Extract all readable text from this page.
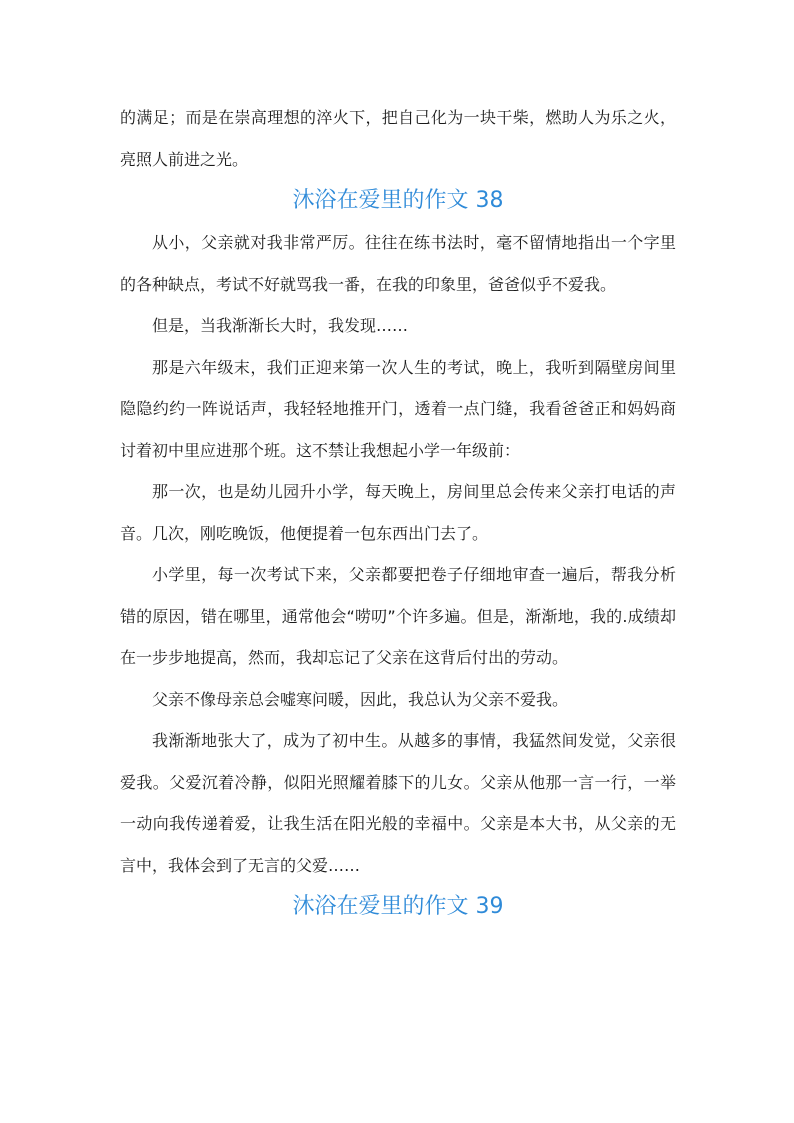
的满足；而是在崇高理想的淬火下，把自己化为一块干柴，燃助人为乐之火，亮照人前进之光。

沐浴在爱里的作文 38

从小，父亲就对我非常严厉。往往在练书法时，毫不留情地指出一个字里的各种缺点，考试不好就骂我一番，在我的印象里，爸爸似乎不爱我。

但是，当我渐渐长大时，我发现……

那是六年级末，我们正迎来第一次人生的考试，晚上，我听到隔壁房间里隐隐约约一阵说话声，我轻轻地推开门，透着一点门缝，我看爸爸正和妈妈商讨着初中里应进那个班。这不禁让我想起小学一年级前：

那一次，也是幼儿园升小学，每天晚上，房间里总会传来父亲打电话的声音。几次，刚吃晚饭，他便提着一包东西出门去了。

小学里，每一次考试下来，父亲都要把卷子仔细地审查一遍后，帮我分析错的原因，错在哪里，通常他会“唠叨”个许多遍。但是，渐渐地，我的.成绩却在一步步地提高，然而，我却忘记了父亲在这背后付出的劳动。

父亲不像母亲总会嘘寒问暖，因此，我总认为父亲不爱我。

我渐渐地张大了，成为了初中生。从越多的事情，我猛然间发觉，父亲很爱我。父爱沉着冷静，似阳光照耀着膝下的儿女。父亲从他那一言一行，一举一动向我传递着爱，让我生活在阳光般的幸福中。父亲是本大书，从父亲的无言中，我体会到了无言的父爱……

沐浴在爱里的作文 39
